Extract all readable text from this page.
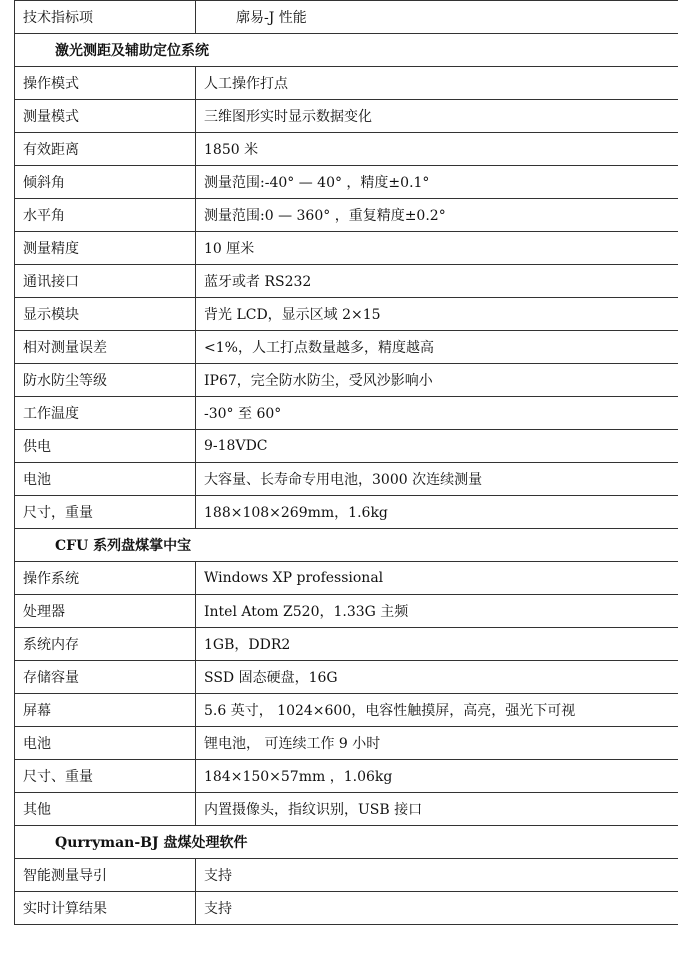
技术指标项	廓易-J 性能
激光测距及辅助定位系统	
操作模式	人工操作打点
测量模式	三维图形实时显示数据变化
有效距离	1850 米
倾斜角	测量范围:-40° — 40° ，精度±0.1°
水平角	测量范围:0 — 360° ，重复精度±0.2°
测量精度	10 厘米
通讯接口	蓝牙或者 RS232
显示模块	背光 LCD，显示区域 2×15
相对测量误差	<1%，人工打点数量越多，精度越高
防水防尘等级	IP67，完全防水防尘，受风沙影响小
工作温度	-30° 至 60°
供电	9-18VDC
电池	大容量、长寿命专用电池，3000 次连续测量
尺寸，重量	188×108×269mm，1.6kg
CFU 系列盘煤掌中宝	
操作系统	Windows XP professional
处理器	Intel Atom Z520，1.33G 主频
系统内存	1GB，DDR2
存储容量	SSD 固态硬盘，16G
屏幕	5.6 英寸， 1024×600，电容性触摸屏，高亮，强光下可视
电池	锂电池， 可连续工作 9 小时
尺寸、重量	184×150×57mm ，1.06kg
其他	内置摄像头，指纹识别，USB 接口
Qurryman-BJ 盘煤处理软件	
智能测量导引	支持
实时计算结果	支持
